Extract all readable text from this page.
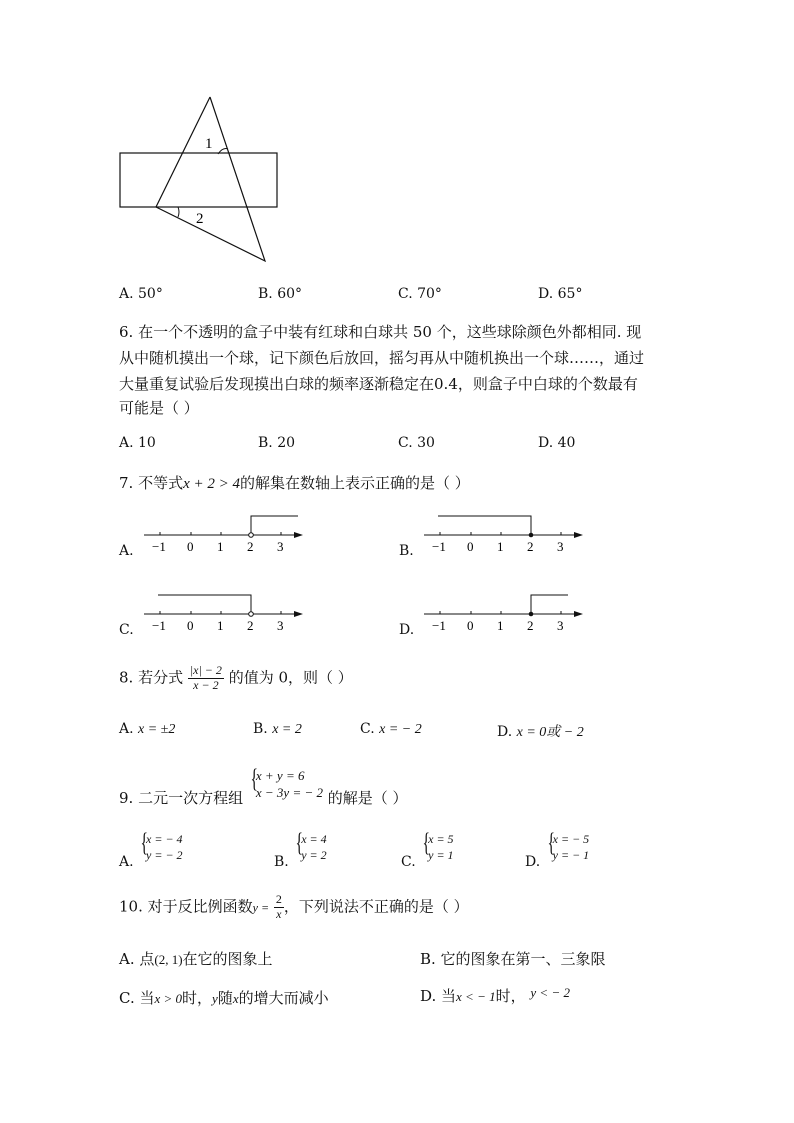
1
2
A. 50°	B. 60°	C. 70°	D. 65°
6. 在一个不透明的盒子中装有红球和白球共 50 个，这些球除颜色外都相同. 现
从中随机摸出一个球，记下颜色后放回，摇匀再从中随机换出一个球……，通过
大量重复试验后发现摸出白球的频率逐渐稳定在0.4，则盒子中白球的个数最有
可能是（ ）
A. 10	B. 20	C. 30	D. 40
7. 不等式x + 2 > 4的解集在数轴上表示正确的是（ ）
A.	B.
C.	D.
−1 0 1 2 3	−1 0 1 2 3
−1 0 1 2 3	−1 0 1 2 3
8. 若分式 $\frac{|x| - 2}{x - 2}$ 的值为 0，则（ ）
A. x = ±2	B. x = 2	C. x = − 2	D. x = 0或 − 2
9. 二元一次方程组
{
x + y = 6
x − 3y = − 2 的解是（ ）
A.
{
x = − 4
y = − 2	B.
{
x = 4
y = 2	C.
{
x = 5
y = 1	D.
{
x = − 5
y = − 1
10. 对于反比例函数$y = \frac{2}{x}$ ，下列说法不正确的是（ ）
A. 点(2, 1)在它的图象上	B. 它的图象在第一、三象限
C. 当x > 0时，y随x的增大而减小	D. 当x < − 1时， y < − 2
